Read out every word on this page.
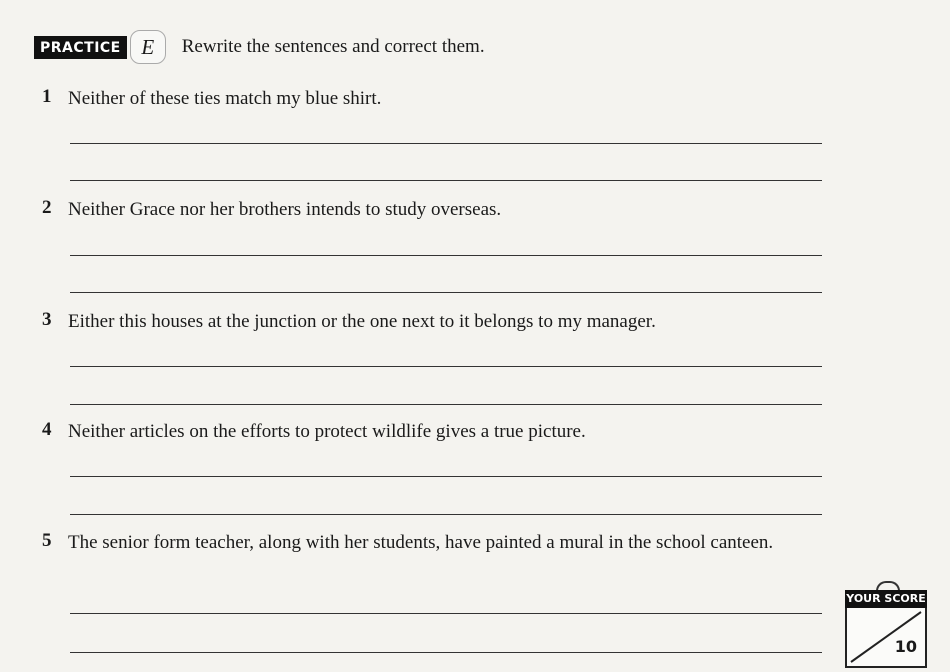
PRACTICE E	Rewrite the sentences and correct them.
1 Neither of these ties match my blue shirt.
2 Neither Grace nor her brothers intends to study overseas.
3 Either this houses at the junction or the one next to it belongs to my manager.
4 Neither articles on the efforts to protect wildlife gives a true picture.
5 The senior form teacher, along with her students, have painted a mural in the school canteen.
YOUR SCORE
10
